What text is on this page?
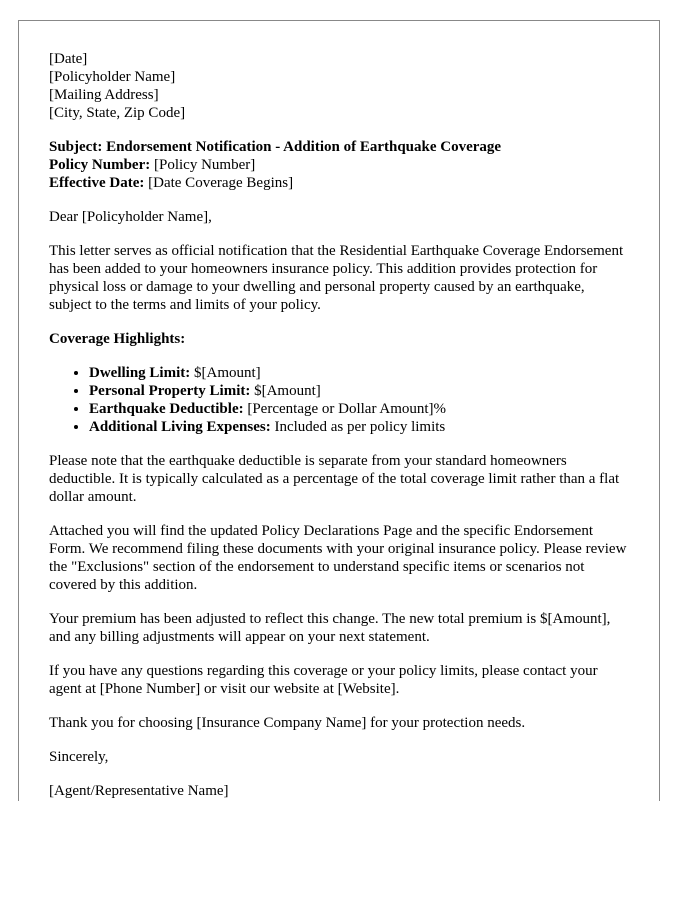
[Date]

[Policyholder Name]

[Mailing Address]

[City, State, Zip Code]

Subject: Endorsement Notification - Addition of Earthquake Coverage
Policy Number: [Policy Number]
Effective Date: [Date Coverage Begins]

Dear [Policyholder Name],

This letter serves as official notification that the Residential Earthquake Coverage Endorsement has been added to your homeowners insurance policy. This addition provides protection for physical loss or damage to your dwelling and personal property caused by an earthquake, subject to the terms and limits of your policy.

Coverage Highlights:

• Dwelling Limit: $[Amount]
• Personal Property Limit: $[Amount]
• Earthquake Deductible: [Percentage or Dollar Amount]%
• Additional Living Expenses: Included as per policy limits

Please note that the earthquake deductible is separate from your standard homeowners deductible. It is typically calculated as a percentage of the total coverage limit rather than a flat dollar amount.

Attached you will find the updated Policy Declarations Page and the specific Endorsement Form. We recommend filing these documents with your original insurance policy. Please review the "Exclusions" section of the endorsement to understand specific items or scenarios not covered by this addition.

Your premium has been adjusted to reflect this change. The new total premium is $[Amount], and any billing adjustments will appear on your next statement.

If you have any questions regarding this coverage or your policy limits, please contact your agent at [Phone Number] or visit our website at [Website].

Thank you for choosing [Insurance Company Name] for your protection needs.

Sincerely,

[Agent/Representative Name]
